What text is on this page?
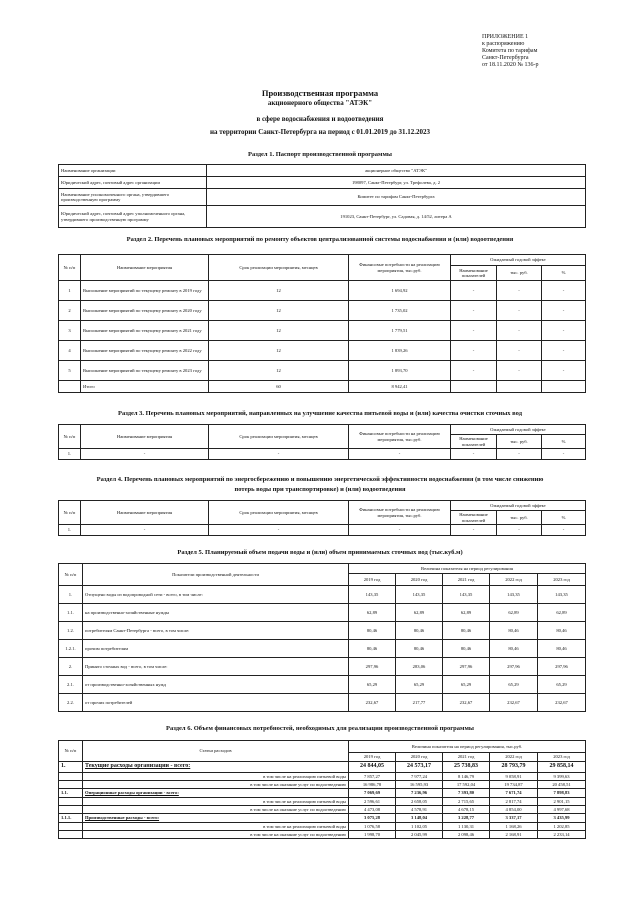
ПРИЛОЖЕНИЕ 1
к распоряжению
Комитета по тарифам
Санкт-Петербурга
от 18.11.2020 № 136-р
Производственная программа
акционерного общества "АТЭК"
в сфере водоснабжения и водоотведения
на территории Санкт-Петербурга на период с 01.01.2019 до 31.12.2023
Раздел 1. Паспорт производственной программы
Наименование организации	акционерное общество "АТЭК"
Юридический адрес, почтовый адрес организации	198097, Санкт-Петербург, ул. Трефолева, д. 2
Наименование уполномоченного органа, утвердившего производственную программу	Комитет по тарифам Санкт-Петербурга
Юридический адрес, почтовый адрес уполномоченного органа, утвердившего производственную программу	191023, Санкт-Петербург, ул. Садовая, д. 14/52, литера А
Раздел 2. Перечень плановых мероприятий по ремонту объектов централизованной системы водоснабжения и (или) водоотведения
№ п/п	Наименование мероприятия	Срок реализации мероприятия, месяцев	Финансовые потребности на реализацию мероприятия, тыс.руб.	Ожидаемый годовой эффект		
				Наименование показателей	тыс. руб.	%
1	Выполнение мероприятий по текущему ремонту в 2019 году	12	1 694,92	-	-	-
2	Выполнение мероприятий по текущему ремонту в 2020 году	12	1 735,02	-	-	-
3	Выполнение мероприятий по текущему ремонту в 2021 году	12	1 779,51	-	-	-
4	Выполнение мероприятий по текущему ремонту в 2022 году	12	1 839,26	-	-	-
5	Выполнение мероприятий по текущему ремонту в 2023 году	12	1 893,70	-	-	-
	Итого	60	8 942,41			
Раздел 3. Перечень плановых мероприятий, направленных на улучшение качества питьевой воды и (или) качества очистки сточных вод
№ п/п	Наименование мероприятия	Срок реализации мероприятия, месяцев	Финансовые потребности на реализацию мероприятия, тыс.руб.	Ожидаемый годовой эффект		
				Наименование показателей	тыс. руб.	%
1.	-	-	-	-	-	-
Раздел 4. Перечень плановых мероприятий по энергосбережению и повышению энергетической эффективности водоснабжения (в том числе снижению
потерь воды при транспортировке) и (или) водоотведения
№ п/п	Наименование мероприятия	Срок реализации мероприятия, месяцев	Финансовые потребности на реализацию мероприятия, тыс.руб.	Ожидаемый годовой эффект		
				Наименование показателей	тыс. руб.	%
1.	-	-	-	-	-	-
Раздел 5. Планируемый объем подачи воды и (или) объем принимаемых сточных вод (тыс.куб.м)
№ п/п	Показатели производственной деятельности	Величина показателя на период регулирования				
		2019 год	2020 год	2021 год	2022 год	2023 год
1.	Отпущено воды из водопроводной сети - всего, в том числе:	143,35	143,35	143,35	143,35	143,35
1.1.	на производственно-хозяйственные нужды	62,89	62,89	62,89	62,89	62,89
1.2.	потребителям Санкт-Петербурга - всего, в том числе:	80,46	80,46	80,46	80,46	80,46
1.2.1.	прочим потребителям	80,46	80,46	80,46	80,46	80,46
2.	Принято сточных вод - всего, в том числе:	297,96	283,06	297,96	297,96	297,96
2.1.	от производственно-хозяйственных нужд	65,29	65,29	65,29	65,29	65,29
2.2.	от прочих потребителей	232,67	217,77	232,67	232,67	232,67
Раздел 6. Объем финансовых потребностей, необходимых для реализации производственной программы
№ п/п	Статьи расходов	Величина показателя на период регулирования, тыс.руб.				
		2019 год	2020 год	2021 год	2022 год	2023 год
1.	Текущие расходы организации - всего:	24 844,05	24 573,17	25 738,83	28 793,79	29 858,14
	в том числе на реализацию питьевой воды	7 857,27	7 977,24	8 146,79	9 058,91	9 399,63
	в том числе на оказание услуг по водоотведению	16 986,78	16 595,93	17 592,04	19 734,87	20 458,51
1.1.	Операционные расходы организации - всего:	7 069,69	7 236,96	7 393,80	7 671,74	7 898,83
	в том числе на реализацию питьевой воды	2 596,61	2 658,05	2 715,65	2 817,74	2 901,15
	в том числе на оказание услуг по водоотведению	4 473,08	4 578,91	4 678,15	4 854,00	4 997,68
1.1.1.	Производственные расходы - всего:	3 075,28	3 148,04	3 228,77	3 337,17	3 435,99
	в том числе на реализацию питьевой воды	1 076,58	1 102,05	1 130,31	1 168,26	1 202,85
	в том числе на оказание услуг по водоотведению	1 998,70	2 045,99	2 098,46	2 168,91	2 233,14
